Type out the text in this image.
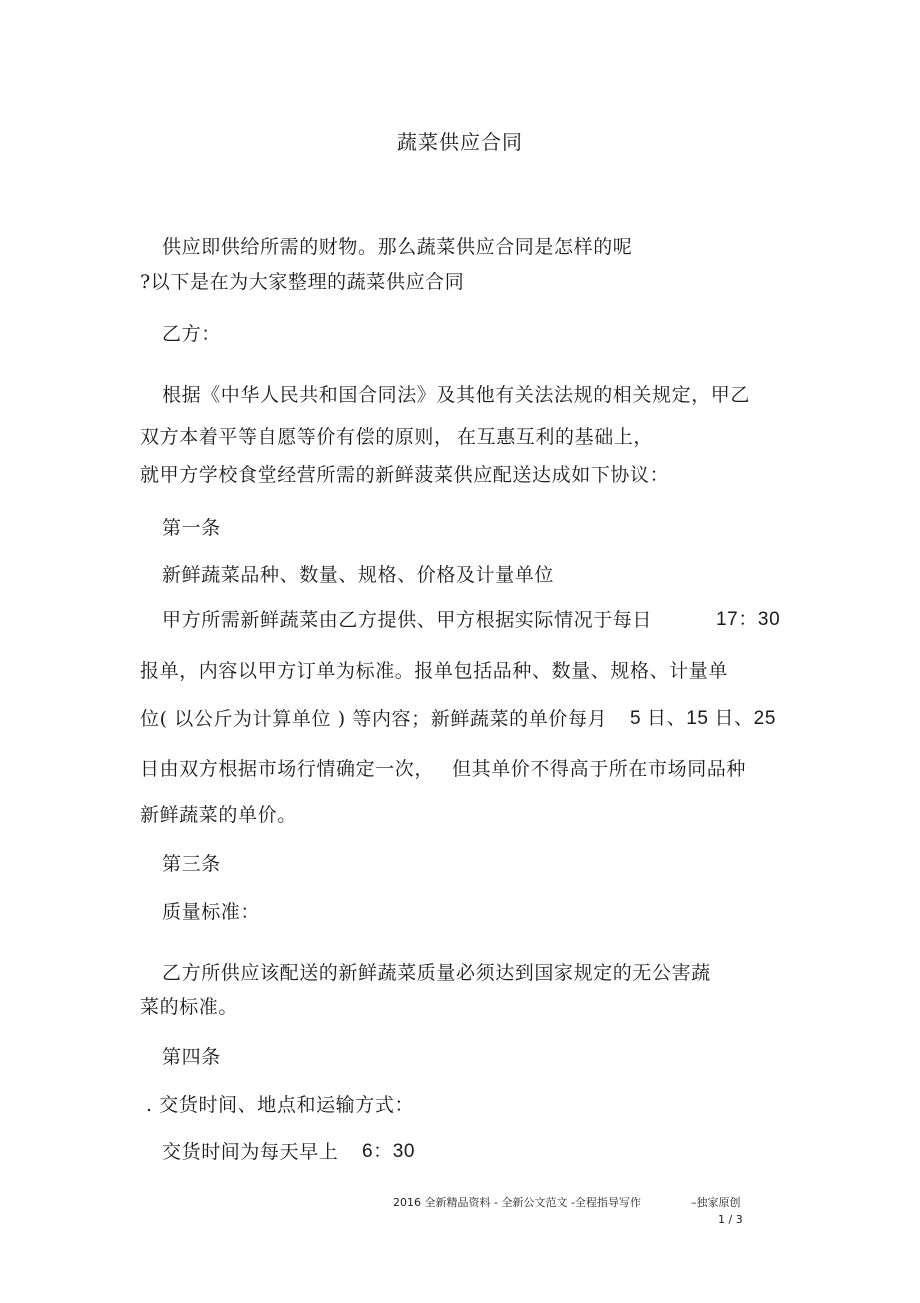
蔬菜供应合同
供应即供给所需的财物。那么蔬菜供应合同是怎样的呢
?以下是在为大家整理的蔬菜供应合同
乙方：
根据《中华人民共和国合同法》及其他有关法法规的相关规定，甲乙
双方本着平等自愿等价有偿的原则， 在互惠互利的基础上，
就甲方学校食堂经营所需的新鲜菠菜供应配送达成如下协议：
第一条
新鲜蔬菜品种、数量、规格、价格及计量单位
甲方所需新鲜蔬菜由乙方提供、甲方根据实际情况于每日	17：30
报单，内容以甲方订单为标准。报单包括品种、数量、规格、计量单
位( 以公斤为计算单位 ) 等内容；新鲜蔬菜的单价每月 5 日、15 日、25
日由双方根据市场行情确定一次， 但其单价不得高于所在市场同品种
新鲜蔬菜的单价。
第三条
质量标准：
乙方所供应该配送的新鲜蔬菜质量必须达到国家规定的无公害蔬
菜的标准。
第四条
. 交货时间、地点和运输方式：
交货时间为每天早上 6：30
2016 全新精品资料 - 全新公文范文 -全程指导写作	–独家原创
1 / 3
